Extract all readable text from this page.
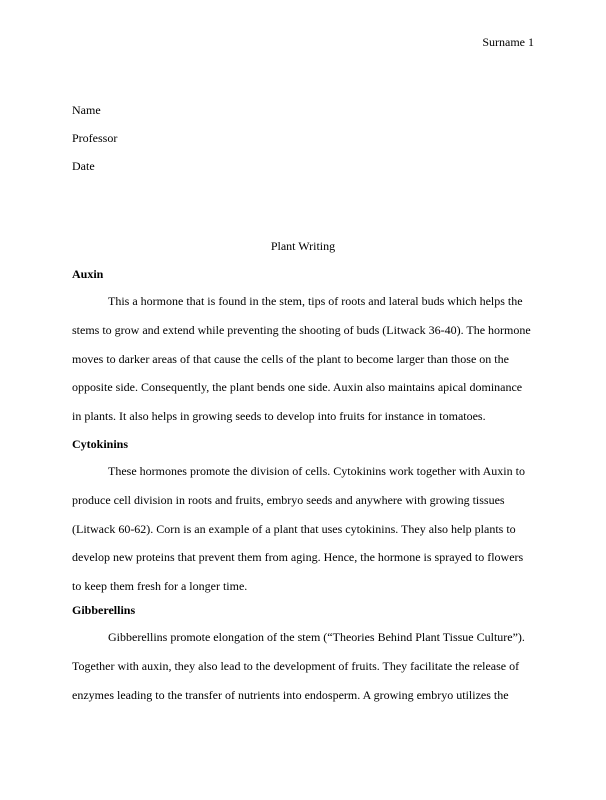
Surname 1
Name
Professor
Date
Plant Writing
Auxin

This a hormone that is found in the stem, tips of roots and lateral buds which helps the stems to grow and extend while preventing the shooting of buds (Litwack 36-40). The hormone moves to darker areas of that cause the cells of the plant to become larger than those on the opposite side. Consequently, the plant bends one side. Auxin also maintains apical dominance in plants. It also helps in growing seeds to develop into fruits for instance in tomatoes.

Cytokinins

These hormones promote the division of cells. Cytokinins work together with Auxin to produce cell division in roots and fruits, embryo seeds and anywhere with growing tissues (Litwack 60-62). Corn is an example of a plant that uses cytokinins. They also help plants to develop new proteins that prevent them from aging. Hence, the hormone is sprayed to flowers to keep them fresh for a longer time.

Gibberellins

Gibberellins promote elongation of the stem (“Theories Behind Plant Tissue Culture”). Together with auxin, they also lead to the development of fruits. They facilitate the release of enzymes leading to the transfer of nutrients into endosperm. A growing embryo utilizes the
